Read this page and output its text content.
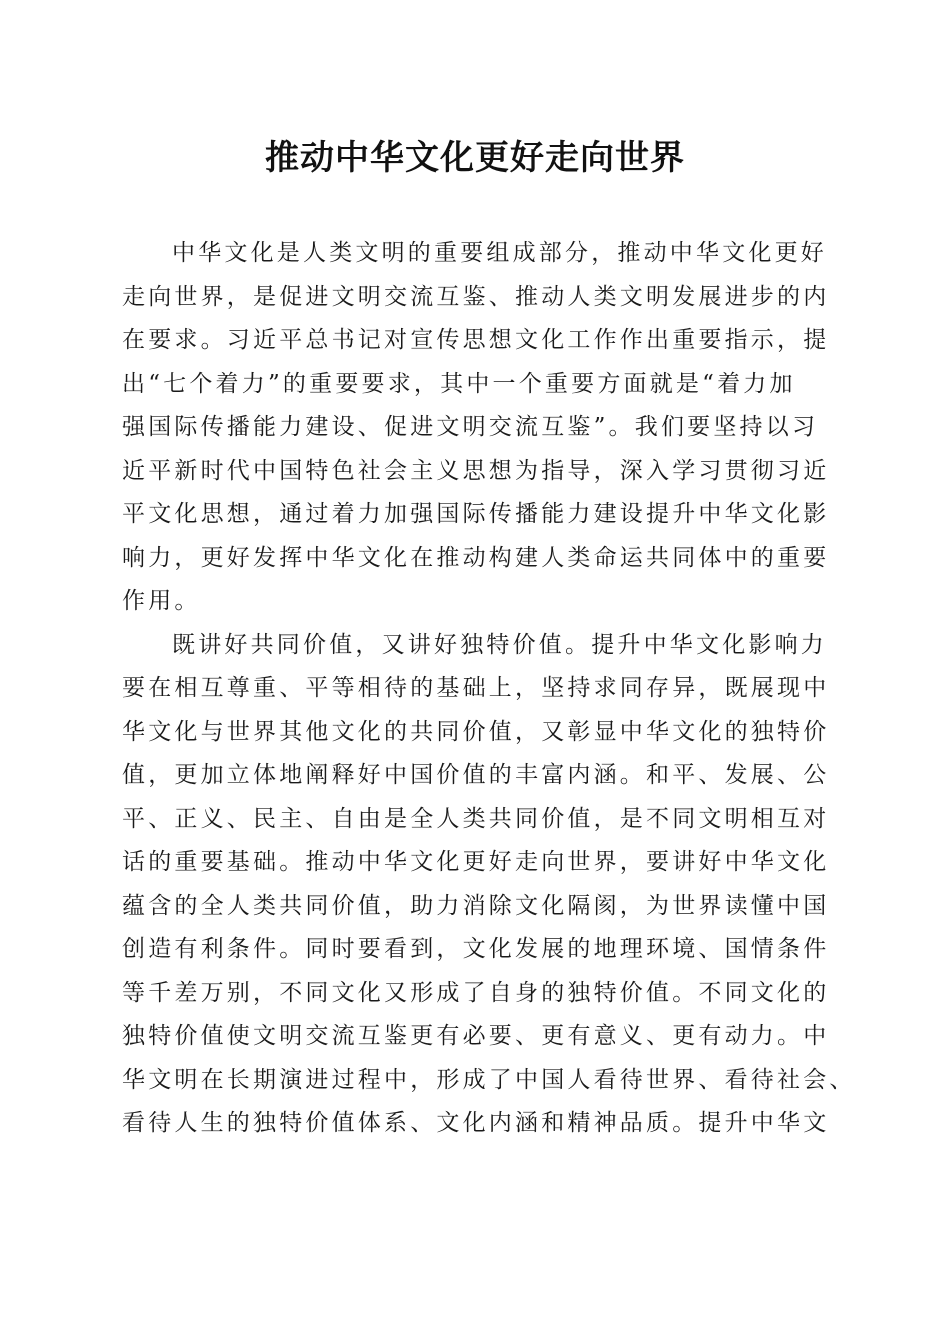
推动中华文化更好走向世界
中华文化是人类文明的重要组成部分，推动中华文化更好
走向世界，是促进文明交流互鉴、推动人类文明发展进步的内
在要求。习近平总书记对宣传思想文化工作作出重要指示，提
出“七个着力”的重要要求，其中一个重要方面就是“着力加
强国际传播能力建设、促进文明交流互鉴”。我们要坚持以习
近平新时代中国特色社会主义思想为指导，深入学习贯彻习近
平文化思想，通过着力加强国际传播能力建设提升中华文化影
响力，更好发挥中华文化在推动构建人类命运共同体中的重要
作用。
既讲好共同价值，又讲好独特价值。提升中华文化影响力
要在相互尊重、平等相待的基础上，坚持求同存异，既展现中
华文化与世界其他文化的共同价值，又彰显中华文化的独特价
值，更加立体地阐释好中国价值的丰富内涵。和平、发展、公
平、正义、民主、自由是全人类共同价值，是不同文明相互对
话的重要基础。推动中华文化更好走向世界，要讲好中华文化
蕴含的全人类共同价值，助力消除文化隔阂，为世界读懂中国
创造有利条件。同时要看到，文化发展的地理环境、国情条件
等千差万别，不同文化又形成了自身的独特价值。不同文化的
独特价值使文明交流互鉴更有必要、更有意义、更有动力。中
华文明在长期演进过程中，形成了中国人看待世界、看待社会、
看待人生的独特价值体系、文化内涵和精神品质。提升中华文
